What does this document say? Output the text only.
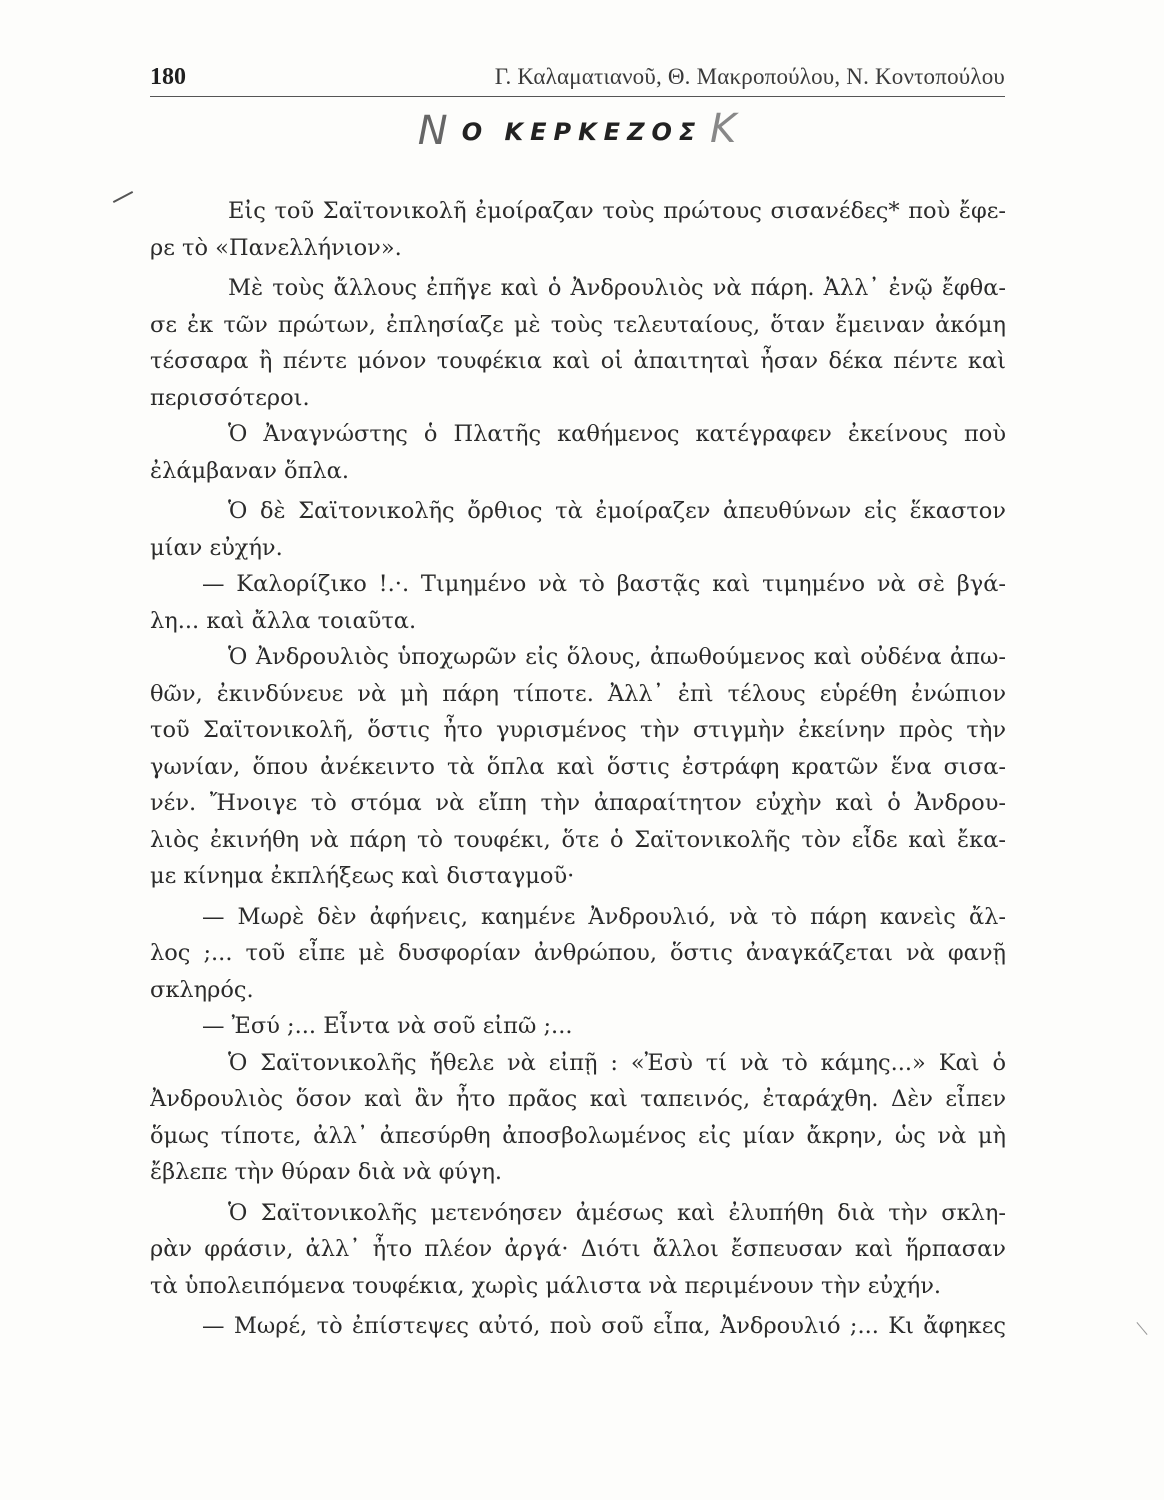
180	Γ. Καλαματιανοῦ, Θ. Μακροπούλου, Ν. Κοντοπούλου
Ν Ο ΚΕΡΚΕΖΟΣ Κ
Εἰς τοῦ Σαϊτονικολῆ ἐμοίραζαν τοὺς πρώτους σισανέδες* ποὺ ἔφε-
ρε τὸ «Πανελλήνιον».
Μὲ τοὺς ἄλλους ἐπῆγε καὶ ὁ Ἀνδρουλιὸς νὰ πάρη. Ἀλλ᾽ ἐνῷ ἔφθα-
σε ἐκ τῶν πρώτων, ἐπλησίαζε μὲ τοὺς τελευταίους, ὅταν ἔμειναν ἀκόμη
τέσσαρα ἢ πέντε μόνον τουφέκια καὶ οἱ ἀπαιτηταὶ ἦσαν δέκα πέντε καὶ
περισσότεροι.
Ὁ Ἀναγνώστης ὁ Πλατῆς καθήμενος κατέγραφεν ἐκείνους ποὺ
ἐλάμβαναν ὅπλα.
Ὁ δὲ Σαϊτονικολῆς ὄρθιος τὰ ἐμοίραζεν ἀπευθύνων εἰς ἕκαστον
μίαν εὐχήν.
— Καλορίζικο !.·. Τιμημένο νὰ τὸ βαστᾷς καὶ τιμημένο νὰ σὲ βγά-
λη... καὶ ἄλλα τοιαῦτα.
Ὁ Ἀνδρουλιὸς ὑποχωρῶν εἰς ὅλους, ἀπωθούμενος καὶ οὐδένα ἀπω-
θῶν, ἐκινδύνευε νὰ μὴ πάρη τίποτε. Ἀλλ᾽ ἐπὶ τέλους εὑρέθη ἐνώπιον
τοῦ Σαϊτονικολῆ, ὅστις ἦτο γυρισμένος τὴν στιγμὴν ἐκείνην πρὸς τὴν
γωνίαν, ὅπου ἀνέκειντο τὰ ὅπλα καὶ ὅστις ἐστράφη κρατῶν ἕνα σισα-
νέν. Ἤνοιγε τὸ στόμα νὰ εἴπη τὴν ἀπαραίτητον εὐχὴν καὶ ὁ Ἀνδρου-
λιὸς ἐκινήθη νὰ πάρη τὸ τουφέκι, ὅτε ὁ Σαϊτονικολῆς τὸν εἶδε καὶ ἔκα-
με κίνημα ἐκπλήξεως καὶ δισταγμοῦ·
— Μωρὲ δὲν ἀφήνεις, καημένε Ἀνδρουλιό, νὰ τὸ πάρη κανεὶς ἄλ-
λος ;... τοῦ εἶπε μὲ δυσφορίαν ἀνθρώπου, ὅστις ἀναγκάζεται νὰ φανῇ
σκληρός.
— Ἐσύ ;... Εἶντα νὰ σοῦ εἰπῶ ;...
Ὁ Σαϊτονικολῆς ἤθελε νὰ εἰπῇ : «Ἐσὺ τί νὰ τὸ κάμης...» Καὶ ὁ
Ἀνδρουλιὸς ὅσον καὶ ἂν ἦτο πρᾶος καὶ ταπεινός, ἐταράχθη. Δὲν εἶπεν
ὅμως τίποτε, ἀλλ᾽ ἀπεσύρθη ἀποσβολωμένος εἰς μίαν ἄκρην, ὡς νὰ μὴ
ἔβλεπε τὴν θύραν διὰ νὰ φύγη.
Ὁ Σαϊτονικολῆς μετενόησεν ἀμέσως καὶ ἐλυπήθη διὰ τὴν σκλη-
ρὰν φράσιν, ἀλλ᾽ ἦτο πλέον ἀργά· Διότι ἄλλοι ἔσπευσαν καὶ ἥρπασαν
τὰ ὑπολειπόμενα τουφέκια, χωρὶς μάλιστα νὰ περιμένουν τὴν εὐχήν.
— Μωρέ, τὸ ἐπίστεψες αὐτό, ποὺ σοῦ εἶπα, Ἀνδρουλιό ;... Κι ἄφηκες
